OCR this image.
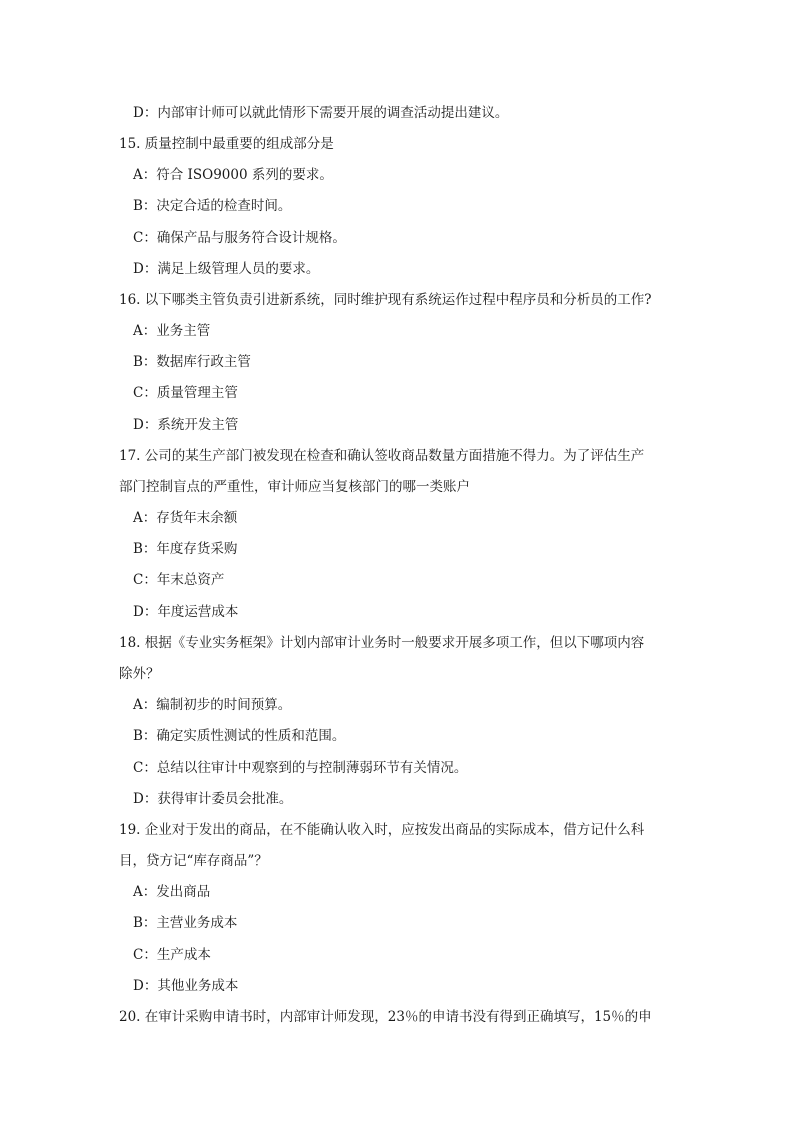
D：内部审计师可以就此情形下需要开展的调查活动提出建议。
15. 质量控制中最重要的组成部分是
A：符合 ISO9000 系列的要求。
B：决定合适的检查时间。
C：确保产品与服务符合设计规格。
D：满足上级管理人员的要求。
16. 以下哪类主管负责引进新系统，同时维护现有系统运作过程中程序员和分析员的工作?
A：业务主管
B：数据库行政主管
C：质量管理主管
D：系统开发主管
17. 公司的某生产部门被发现在检查和确认签收商品数量方面措施不得力。为了评估生产
部门控制盲点的严重性，审计师应当复核部门的哪一类账户
A：存货年末余额
B：年度存货采购
C：年末总资产
D：年度运营成本
18. 根据《专业实务框架》计划内部审计业务时一般要求开展多项工作，但以下哪项内容
除外？
A：编制初步的时间预算。
B：确定实质性测试的性质和范围。
C：总结以往审计中观察到的与控制薄弱环节有关情况。
D：获得审计委员会批准。
19. 企业对于发出的商品，在不能确认收入时，应按发出商品的实际成本，借方记什么科
目，贷方记“库存商品”？
A：发出商品
B：主营业务成本
C：生产成本
D：其他业务成本
20. 在审计采购申请书时，内部审计师发现，23％的申请书没有得到正确填写，15％的申
